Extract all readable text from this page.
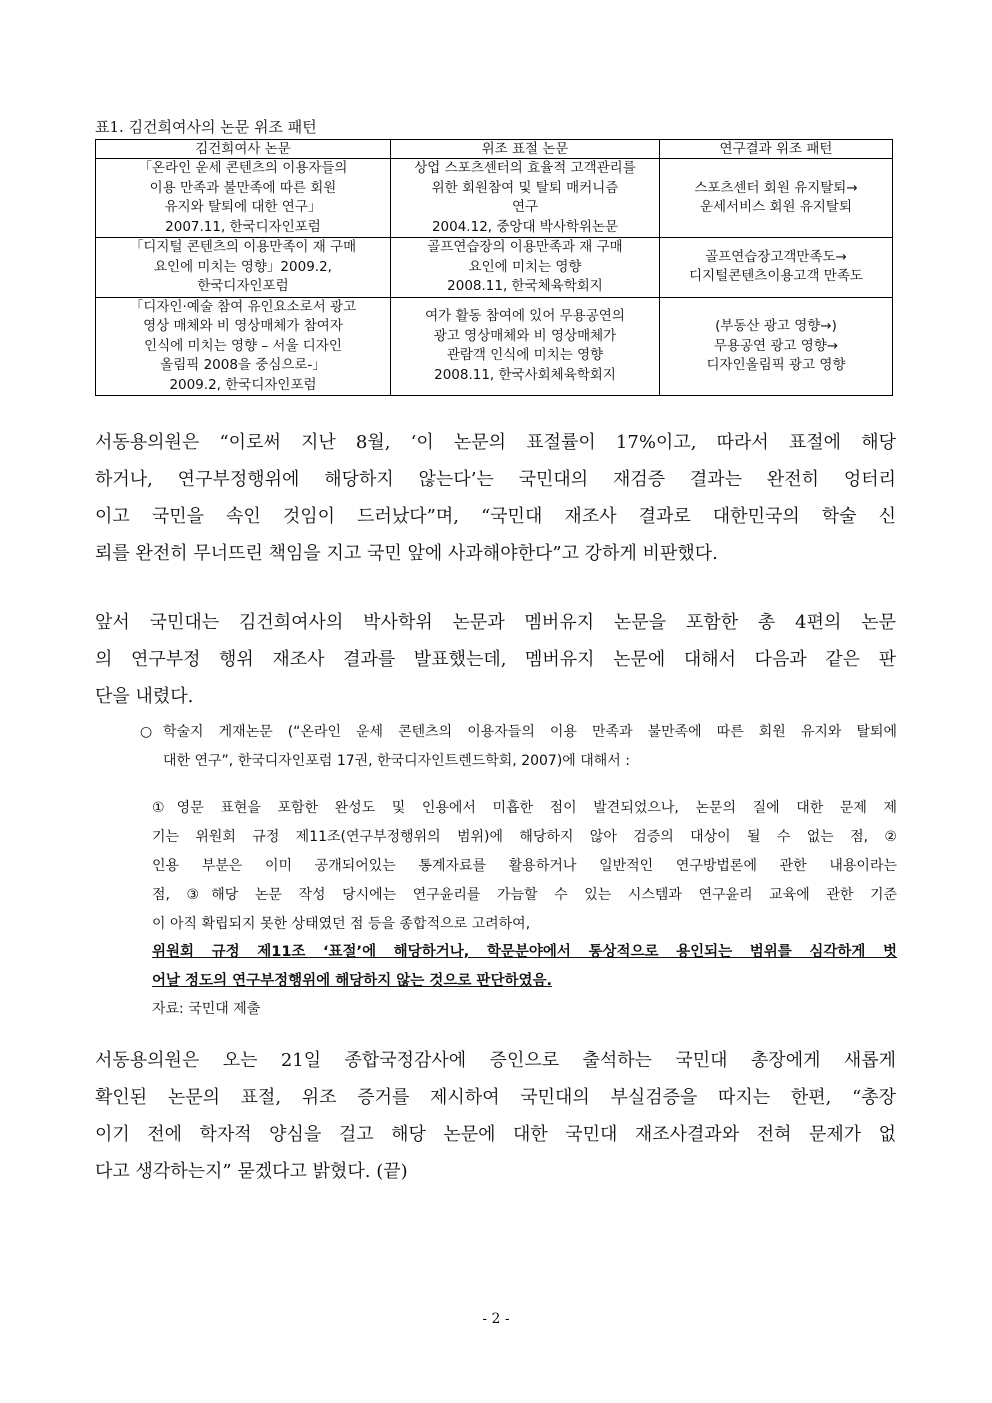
표1. 김건희여사의 논문 위조 패턴
김건희여사 논문	위조 표절 논문	연구결과 위조 패턴

「온라인 운세 콘텐츠의 이용자들의
이용 만족과 불만족에 따른 회원
유지와 탈퇴에 대한 연구」
2007.11, 한국디자인포럼	상업 스포츠센터의 효율적 고객관리를
위한 회원참여 및 탈퇴 매커니즘
연구
2004.12, 중앙대 박사학위논문	스포츠센터 회원 유지탈퇴→
운세서비스 회원 유지탈퇴

「디지털 콘텐츠의 이용만족이 재 구매
요인에 미치는 영향」2009.2,
한국디자인포럼	골프연습장의 이용만족과 재 구매
요인에 미치는 영향
2008.11, 한국체육학회지	골프연습장고객만족도→
디지털콘텐츠이용고객 만족도

「디자인·예술 참여 유인요소로서 광고
영상 매체와 비 영상매체가 참여자
인식에 미치는 영향 – 서울 디자인
올림픽 2008을 중심으로-」
2009.2, 한국디자인포럼	여가 활동 참여에 있어 무용공연의
광고 영상매체와 비 영상매체가
관람객 인식에 미치는 영향
2008.11, 한국사회체육학회지	(부동산 광고 영향→)
무용공연 광고 영향→
디자인올림픽 광고 영향
서동용의원은 “이로써 지난 8월, ‘이 논문의 표절률이 17%이고, 따라서 표절에 해당
하거나, 연구부정행위에 해당하지 않는다’는 국민대의 재검증 결과는 완전히 엉터리
이고 국민을 속인 것임이 드러났다”며, “국민대 재조사 결과로 대한민국의 학술 신
뢰를 완전히 무너뜨린 책임을 지고 국민 앞에 사과해야한다”고 강하게 비판했다.
앞서 국민대는 김건희여사의 박사학위 논문과 멤버유지 논문을 포함한 총 4편의 논문
의 연구부정 행위 재조사 결과를 발표했는데, 멤버유지 논문에 대해서 다음과 같은 판
단을 내렸다.
○ 학술지 게재논문 (“온라인 운세 콘텐츠의 이용자들의 이용 만족과 불만족에 따른 회원 유지와 탈퇴에
대한 연구”, 한국디자인포럼 17권, 한국디자인트렌드학회, 2007)에 대해서 :
①영문 표현을 포함한 완성도 및 인용에서 미흡한 점이 발견되었으나, 논문의 질에 대한 문제 제
기는 위원회 규정 제11조(연구부정행위의 범위)에 해당하지 않아 검증의 대상이 될 수 없는 점, ②
인용 부분은 이미 공개되어있는 통계자료를 활용하거나 일반적인 연구방법론에 관한 내용이라는
점, ③해당 논문 작성 당시에는 연구윤리를 가늠할 수 있는 시스템과 연구윤리 교육에 관한 기준
이 아직 확립되지 못한 상태였던 점 등을 종합적으로 고려하여,
위원회 규정 제11조 ‘표절’에 해당하거나, 학문분야에서 통상적으로 용인되는 범위를 심각하게 벗
어날 정도의 연구부정행위에 해당하지 않는 것으로 판단하였음.
자료: 국민대 제출
서동용의원은 오는 21일 종합국정감사에 증인으로 출석하는 국민대 총장에게 새롭게
확인된 논문의 표절, 위조 증거를 제시하여 국민대의 부실검증을 따지는 한편, “총장
이기 전에 학자적 양심을 걸고 해당 논문에 대한 국민대 재조사결과와 전혀 문제가 없
다고 생각하는지” 묻겠다고 밝혔다. (끝)
- 2 -
